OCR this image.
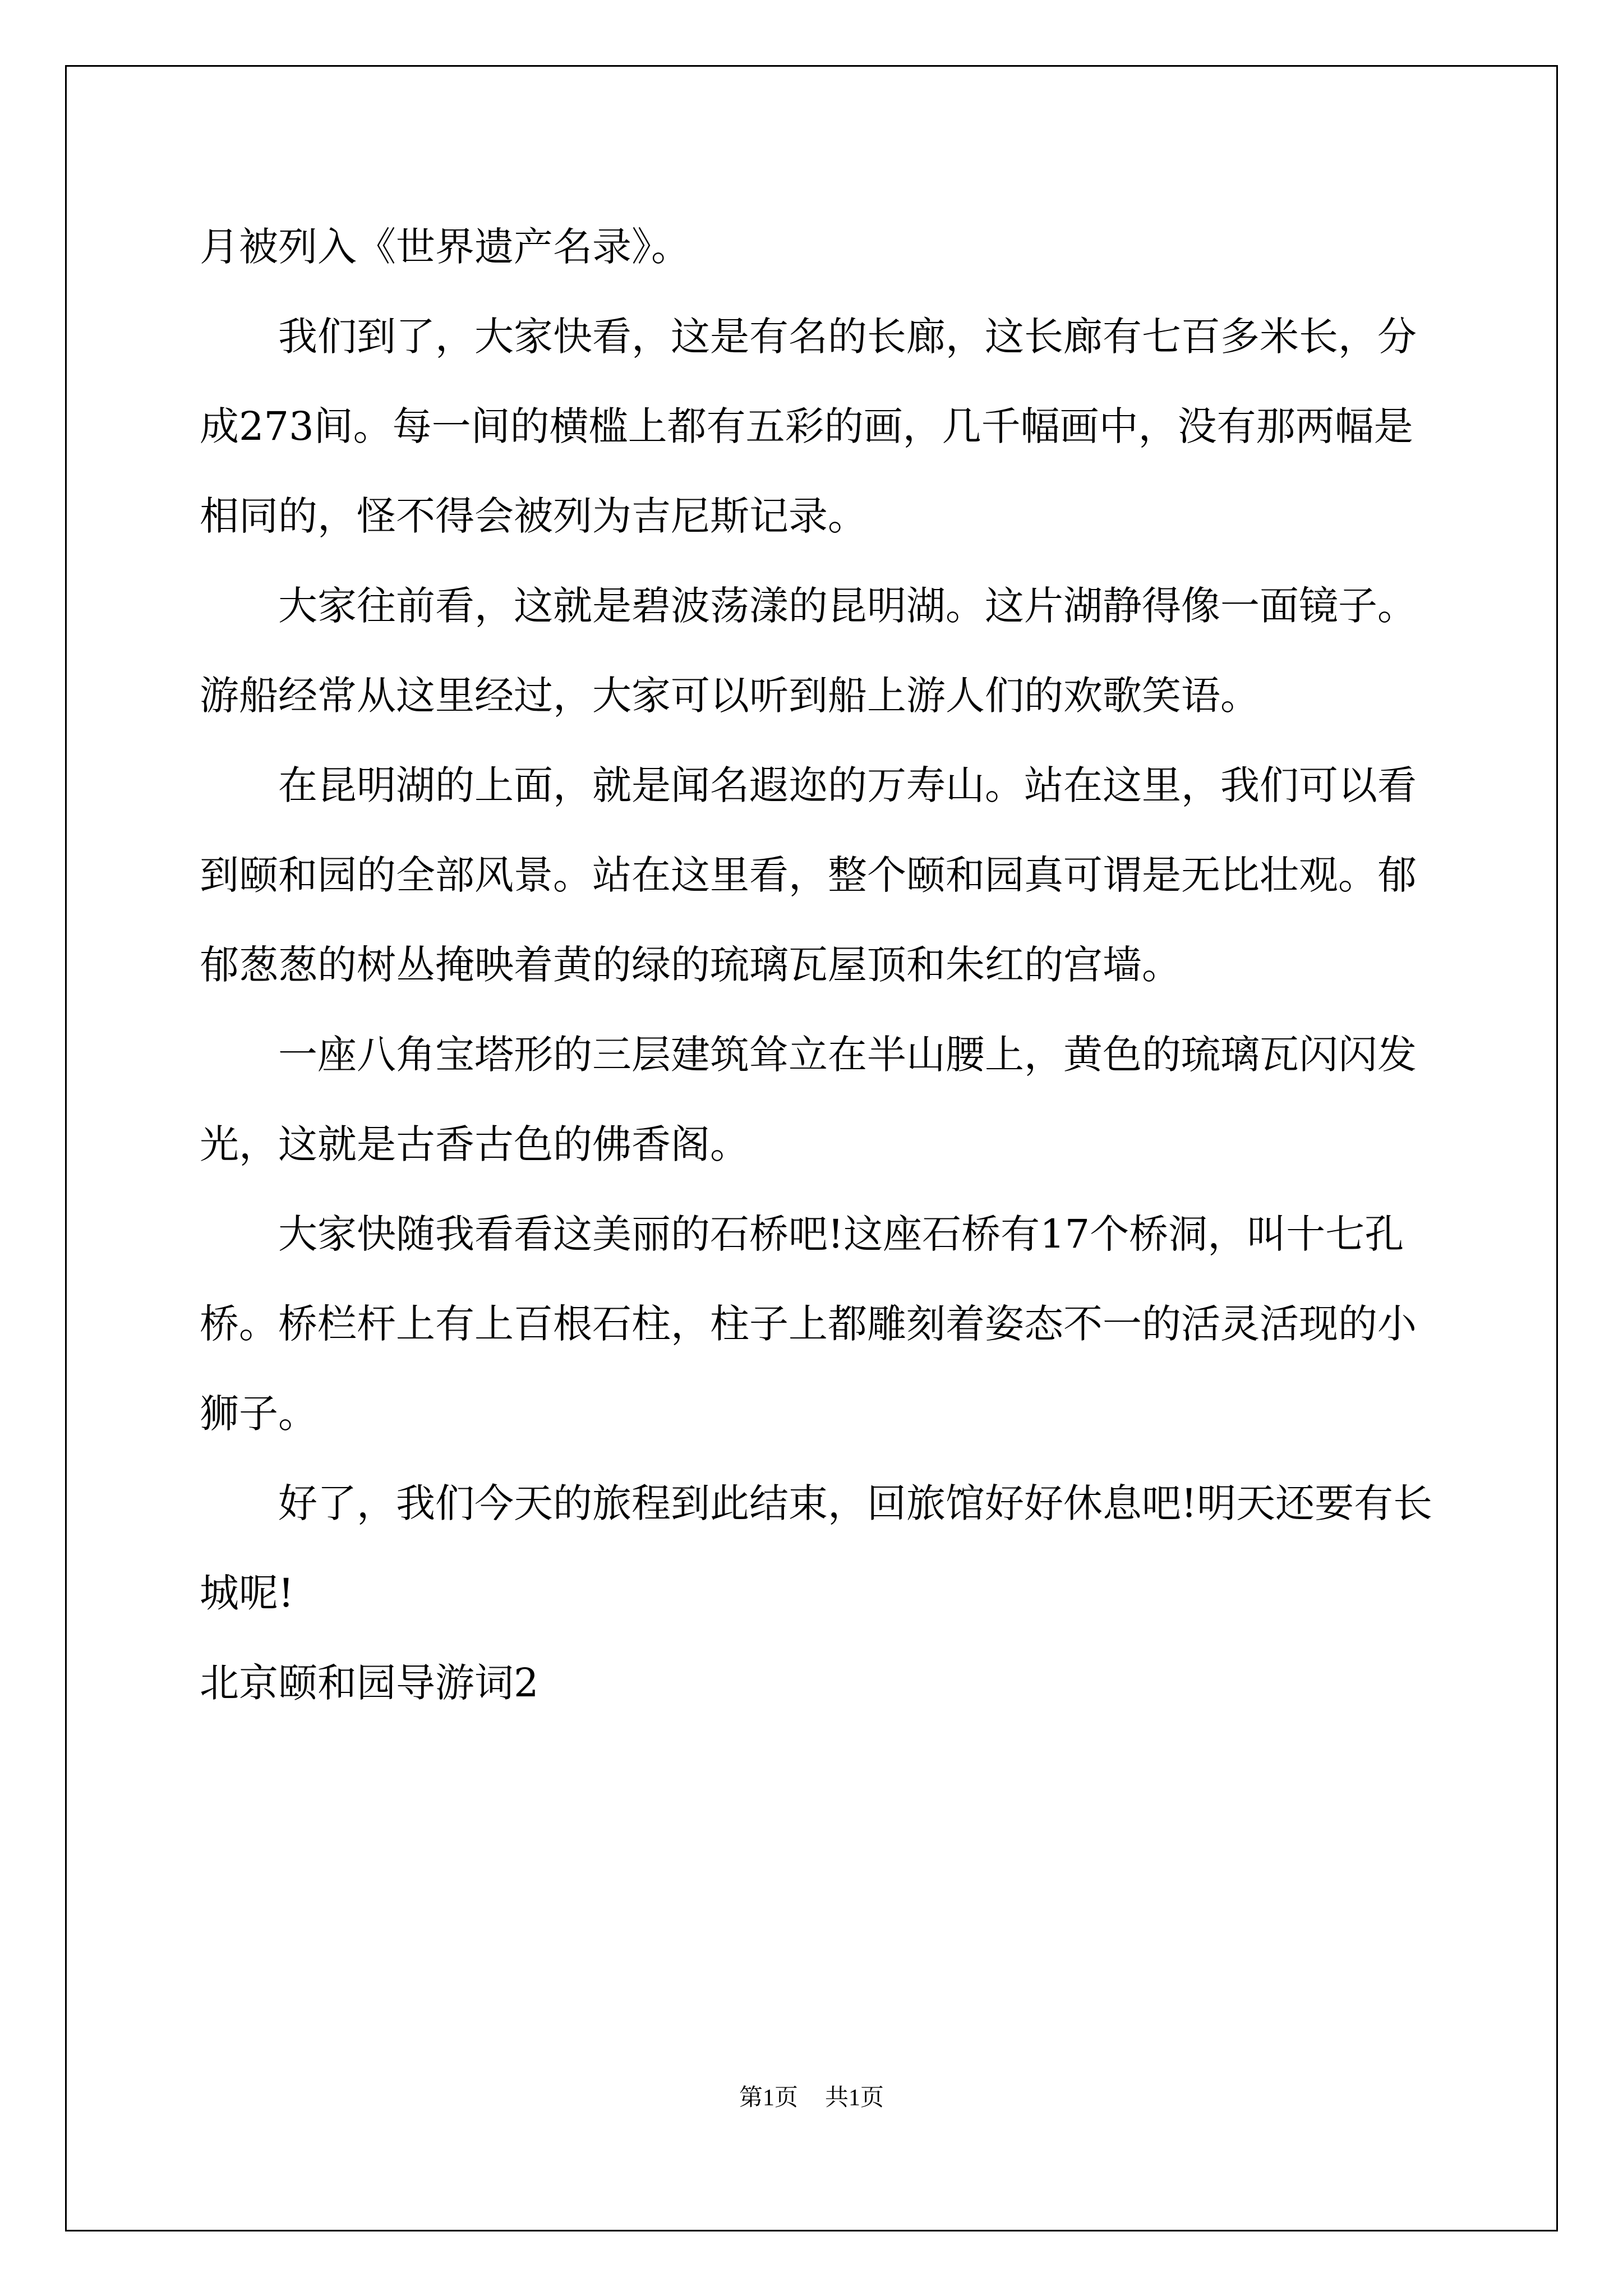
月被列入《世界遗产名录》。

我们到了，大家快看，这是有名的长廊，这长廊有七百多米长，分成273间。每一间的横槛上都有五彩的画，几千幅画中，没有那两幅是相同的，怪不得会被列为吉尼斯记录。

大家往前看，这就是碧波荡漾的昆明湖。这片湖静得像一面镜子。游船经常从这里经过，大家可以听到船上游人们的欢歌笑语。

在昆明湖的上面，就是闻名遐迩的万寿山。站在这里，我们可以看到颐和园的全部风景。站在这里看，整个颐和园真可谓是无比壮观。郁郁葱葱的树丛掩映着黄的绿的琉璃瓦屋顶和朱红的宫墙。

一座八角宝塔形的三层建筑耸立在半山腰上，黄色的琉璃瓦闪闪发光，这就是古香古色的佛香阁。

大家快随我看看这美丽的石桥吧!这座石桥有17个桥洞，叫十七孔桥。桥栏杆上有上百根石柱，柱子上都雕刻着姿态不一的活灵活现的小狮子。

好了，我们今天的旅程到此结束，回旅馆好好休息吧!明天还要有长城呢!

北京颐和园导游词2

第1页 共1页
